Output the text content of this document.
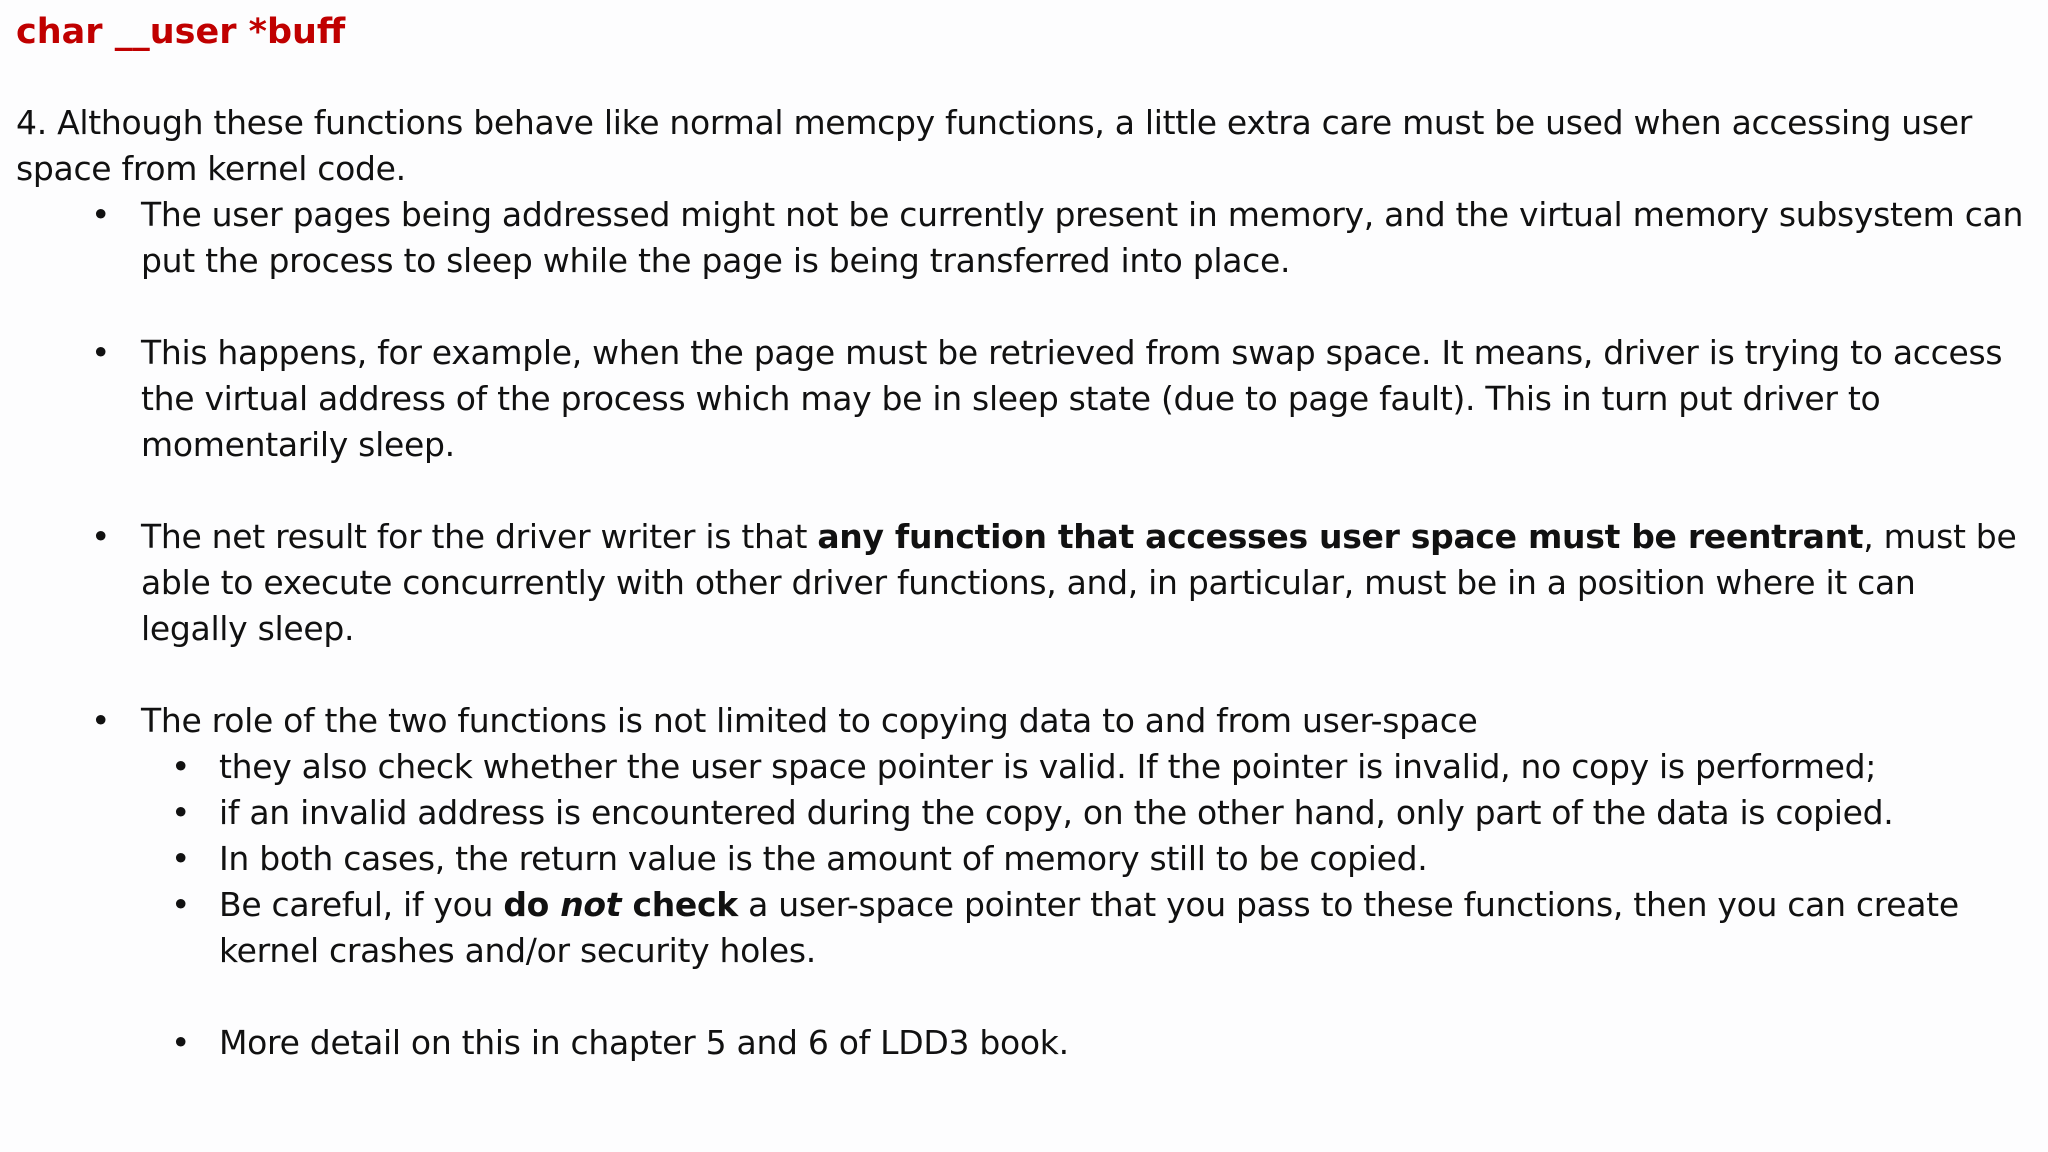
char __user *buff

4. Although these functions behave like normal memcpy functions, a little extra care must be used when accessing user space from kernel code.

• The user pages being addressed might not be currently present in memory, and the virtual memory subsystem can put the process to sleep while the page is being transferred into place.
• This happens, for example, when the page must be retrieved from swap space. It means, driver is trying to access the virtual address of the process which may be in sleep state (due to page fault). This in turn put driver to momentarily sleep.
• The net result for the driver writer is that any function that accesses user space must be reentrant, must be able to execute concurrently with other driver functions, and, in particular, must be in a position where it can legally sleep.
• The role of the two functions is not limited to copying data to and from user-space
• they also check whether the user space pointer is valid. If the pointer is invalid, no copy is performed;
• if an invalid address is encountered during the copy, on the other hand, only part of the data is copied.
• In both cases, the return value is the amount of memory still to be copied.
• Be careful, if you do not check a user-space pointer that you pass to these functions, then you can create kernel crashes and/or security holes.
• More detail on this in chapter 5 and 6 of LDD3 book.
